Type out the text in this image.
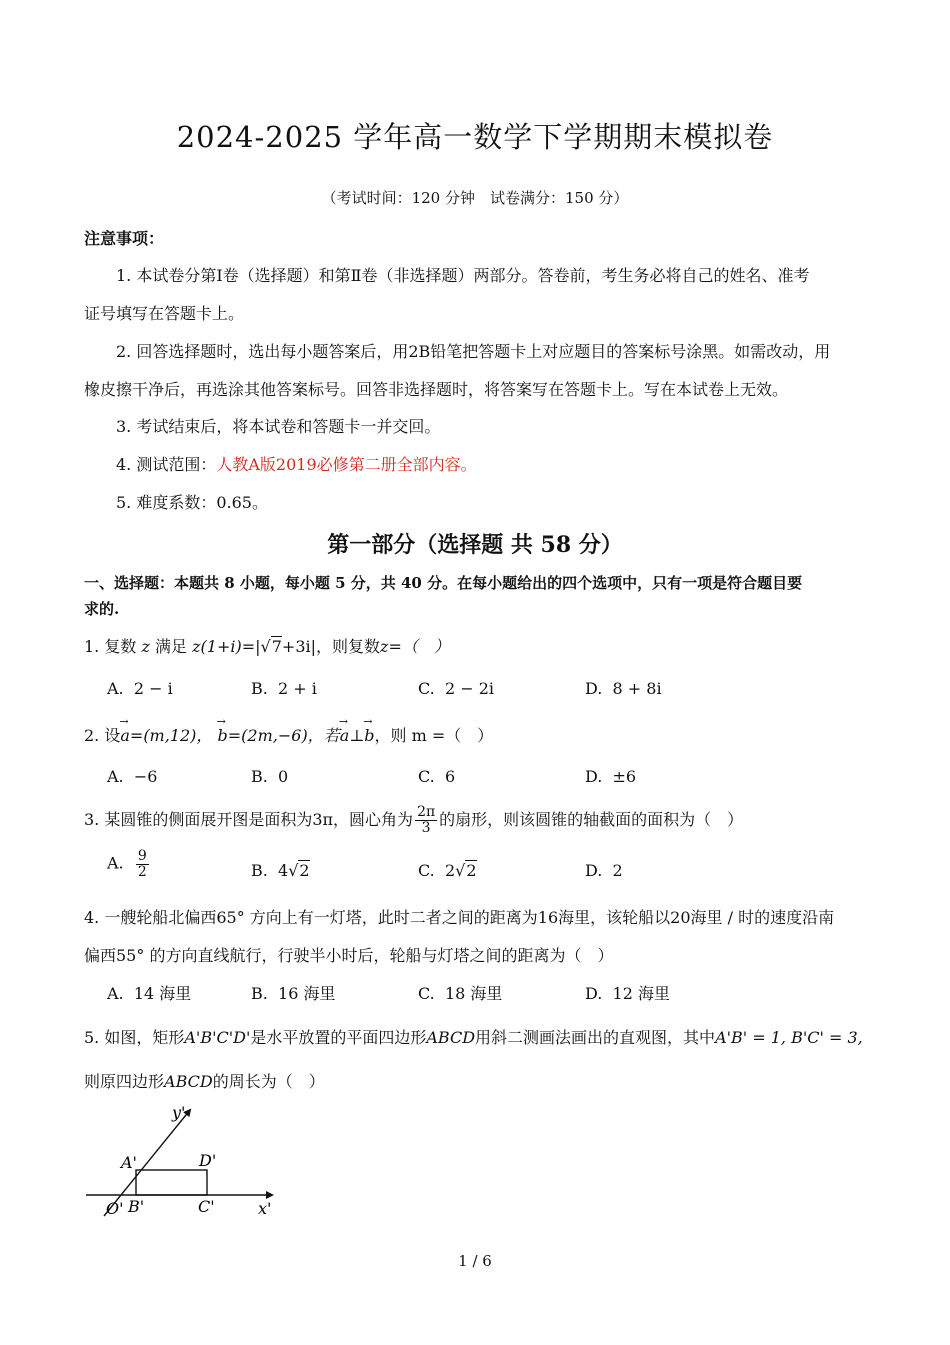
2024-2025 学年高一数学下学期期末模拟卷
（考试时间：120 分钟　试卷满分：150 分）
注意事项：
1. 本试卷分第Ⅰ卷（选择题）和第Ⅱ卷（非选择题）两部分。答卷前，考生务必将自己的姓名、准考
证号填写在答题卡上。
2. 回答选择题时，选出每小题答案后，用2B铅笔把答题卡上对应题目的答案标号涂黑。如需改动，用
橡皮擦干净后，再选涂其他答案标号。回答非选择题时，将答案写在答题卡上。写在本试卷上无效。
3. 考试结束后，将本试卷和答题卡一并交回。
4. 测试范围：人教A版2019必修第二册全部内容。
5. 难度系数：0.65。
第一部分（选择题 共 58 分）
一、选择题：本题共 8 小题，每小题 5 分，共 40 分。在每小题给出的四个选项中，只有一项是符合题目要
求的.
1. 复数 z 满足 z(1+i)=|√7+3i|，则复数z=（　）
A. 2 − i	B. 2 + i	C. 2 − 2i	D. 8 + 8i
2. 设→ a=(m,12)， → b=(2m,−6)，若→ a⊥→ b，则 m =（　）
A. −6	B. 0	C. 6	D. ±6
3. 某圆锥的侧面展开图是面积为3π，圆心角为 $\frac{2\pi}{3}$ 的扇形，则该圆锥的轴截面的面积为（　）
A. $\frac{9}{2}$	B. 4√2	C. 2√2	D. 2
4. 一艘轮船北偏西65° 方向上有一灯塔，此时二者之间的距离为16海里，该轮船以20海里 / 时的速度沿南
偏西55° 的方向直线航行，行驶半小时后，轮船与灯塔之间的距离为（　）
A. 14 海里	B. 16 海里	C. 18 海里	D. 12 海里
5. 如图，矩形A'B'C'D'是水平放置的平面四边形ABCD用斜二测画法画出的直观图，其中A'B' = 1, B'C' = 3,
则原四边形ABCD的周长为（　）
y'
x'
O' B'	C'
A'	D'
1 / 6
